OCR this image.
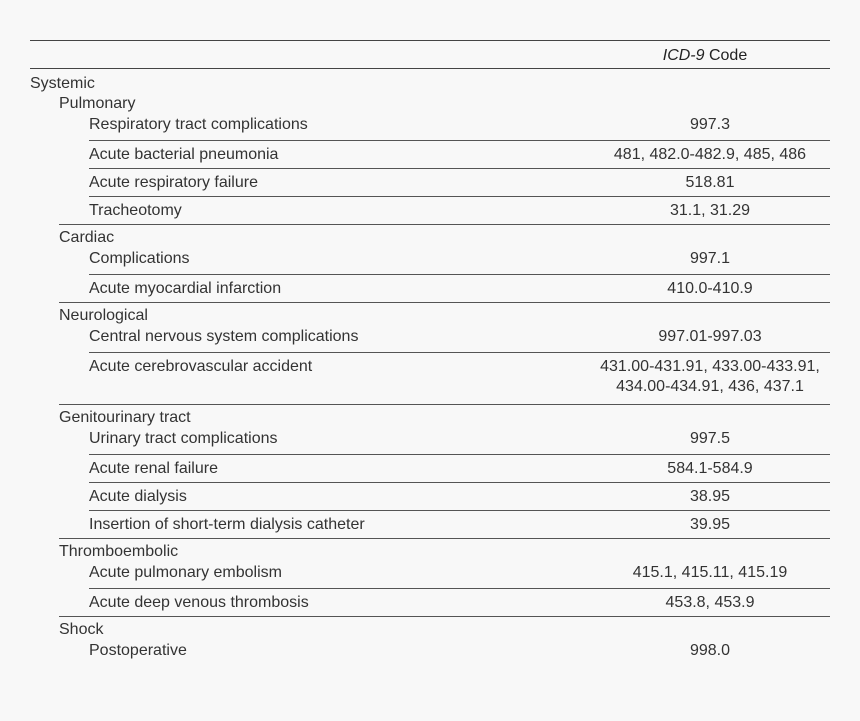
ICD-9 Code
Systemic
Pulmonary
Respiratory tract complications	997.3
Acute bacterial pneumonia	481, 482.0-482.9, 485, 486
Acute respiratory failure	518.81
Tracheotomy	31.1, 31.29
Cardiac
Complications	997.1
Acute myocardial infarction	410.0-410.9
Neurological
Central nervous system complications	997.01-997.03
Acute cerebrovascular accident	431.00-431.91, 433.00-433.91,
434.00-434.91, 436, 437.1
Genitourinary tract
Urinary tract complications	997.5
Acute renal failure	584.1-584.9
Acute dialysis	38.95
Insertion of short-term dialysis catheter	39.95
Thromboembolic
Acute pulmonary embolism	415.1, 415.11, 415.19
Acute deep venous thrombosis	453.8, 453.9
Shock
Postoperative	998.0
